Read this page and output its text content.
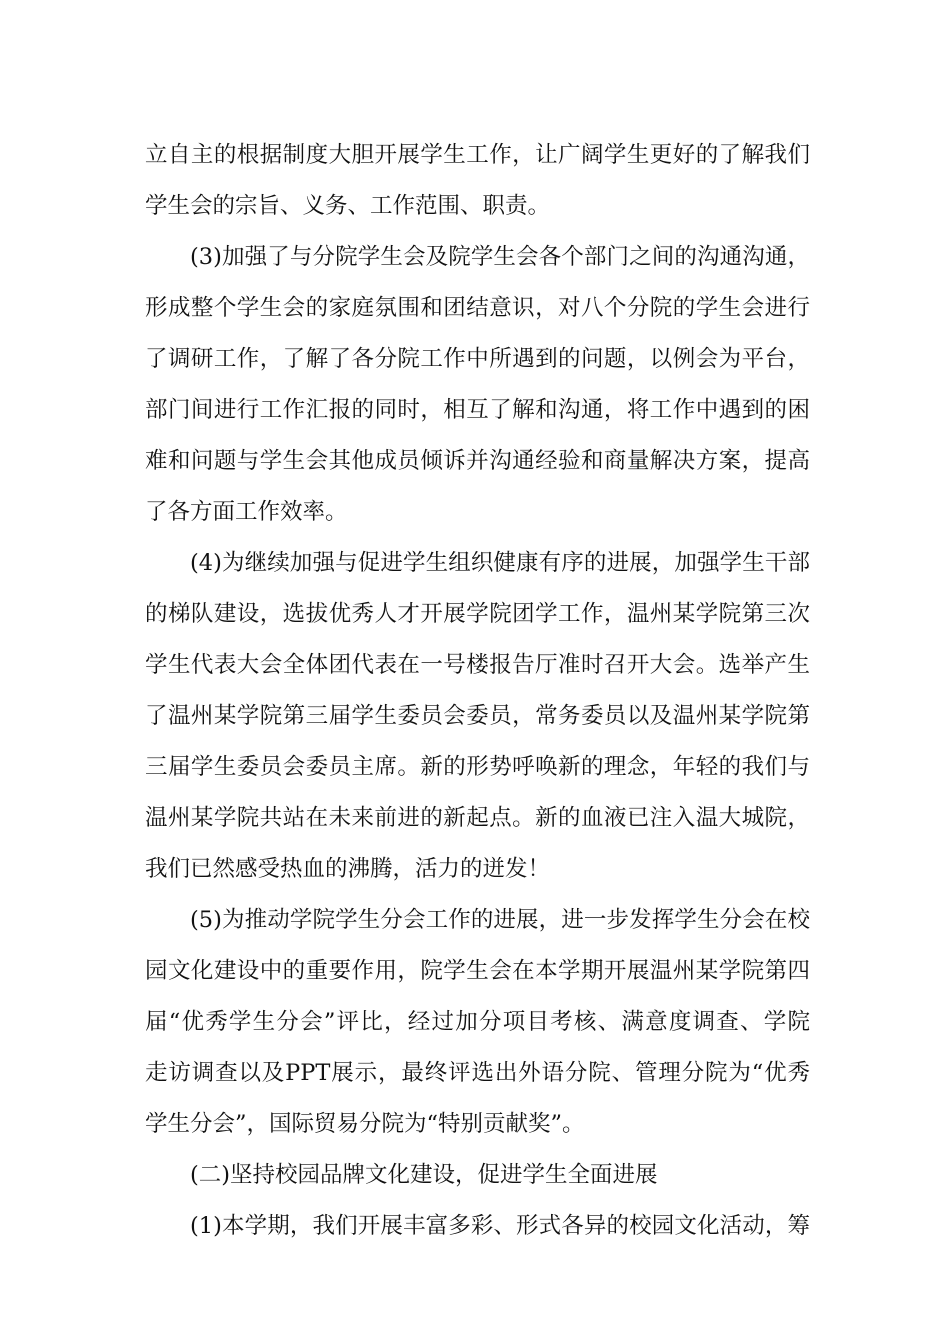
立自主的根据制度大胆开展学生工作，让广阔学生更好的了解我们
学生会的宗旨、义务、工作范围、职责。
(3)加强了与分院学生会及院学生会各个部门之间的沟通沟通，
形成整个学生会的家庭氛围和团结意识，对八个分院的学生会进行
了调研工作，了解了各分院工作中所遇到的问题，以例会为平台，
部门间进行工作汇报的同时，相互了解和沟通，将工作中遇到的困
难和问题与学生会其他成员倾诉并沟通经验和商量解决方案，提高
了各方面工作效率。
(4)为继续加强与促进学生组织健康有序的进展，加强学生干部
的梯队建设，选拔优秀人才开展学院团学工作，温州某学院第三次
学生代表大会全体团代表在一号楼报告厅准时召开大会。选举产生
了温州某学院第三届学生委员会委员，常务委员以及温州某学院第
三届学生委员会委员主席。新的形势呼唤新的理念，年轻的我们与
温州某学院共站在未来前进的新起点。新的血液已注入温大城院，
我们已然感受热血的沸腾，活力的迸发！
(5)为推动学院学生分会工作的进展，进一步发挥学生分会在校
园文化建设中的重要作用，院学生会在本学期开展温州某学院第四
届“优秀学生分会”评比，经过加分项目考核、满意度调查、学院
走访调查以及PPT展示，最终评选出外语分院、管理分院为“优秀
学生分会”，国际贸易分院为“特别贡献奖”。
(二)坚持校园品牌文化建设，促进学生全面进展
(1)本学期，我们开展丰富多彩、形式各异的校园文化活动，筹
